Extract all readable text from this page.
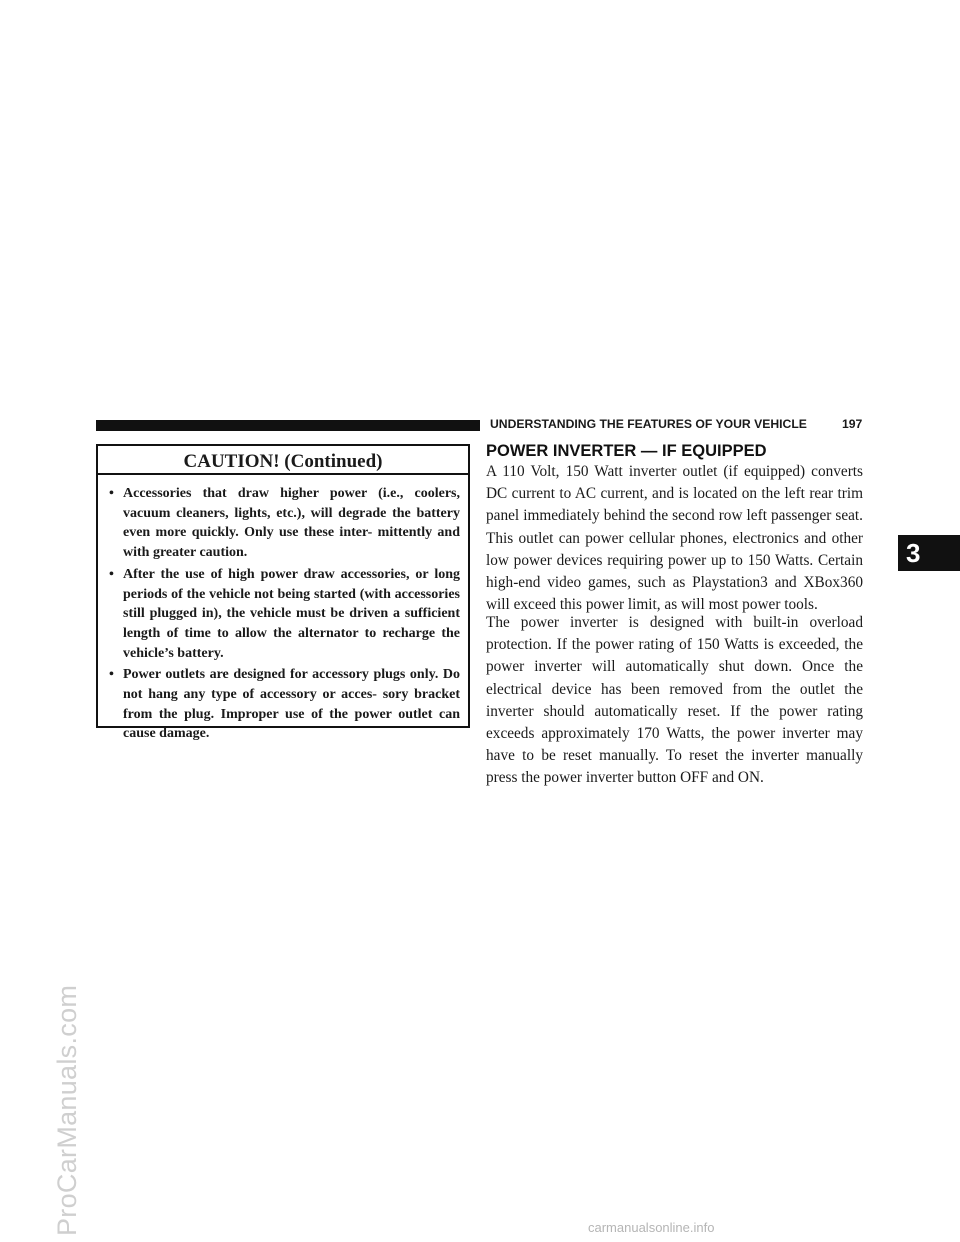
ProCarManuals.com
UNDERSTANDING THE FEATURES OF YOUR VEHICLE	197
CAUTION! (Continued)
• Accessories that draw higher power (i.e., coolers, vacuum cleaners, lights, etc.), will degrade the battery even more quickly. Only use these inter- mittently and with greater caution.
• After the use of high power draw accessories, or long periods of the vehicle not being started (with accessories still plugged in), the vehicle must be driven a sufficient length of time to allow the alternator to recharge the vehicle’s battery.
• Power outlets are designed for accessory plugs only. Do not hang any type of accessory or acces- sory bracket from the plug. Improper use of the power outlet can cause damage.
POWER INVERTER — IF EQUIPPED

A 110 Volt, 150 Watt inverter outlet (if equipped) converts DC current to AC current, and is located on the left rear trim panel immediately behind the second row left passenger seat. This outlet can power cellular phones, electronics and other low power devices requiring power up to 150 Watts. Certain high-end video games, such as Playstation3 and XBox360 will exceed this power limit, as will most power tools.

The power inverter is designed with built-in overload protection. If the power rating of 150 Watts is exceeded, the power inverter will automatically shut down. Once the electrical device has been removed from the outlet the inverter should automatically reset. If the power rating exceeds approximately 170 Watts, the power inverter may have to be reset manually. To reset the inverter manually press the power inverter button OFF and ON.

3
carmanualsonline.info
